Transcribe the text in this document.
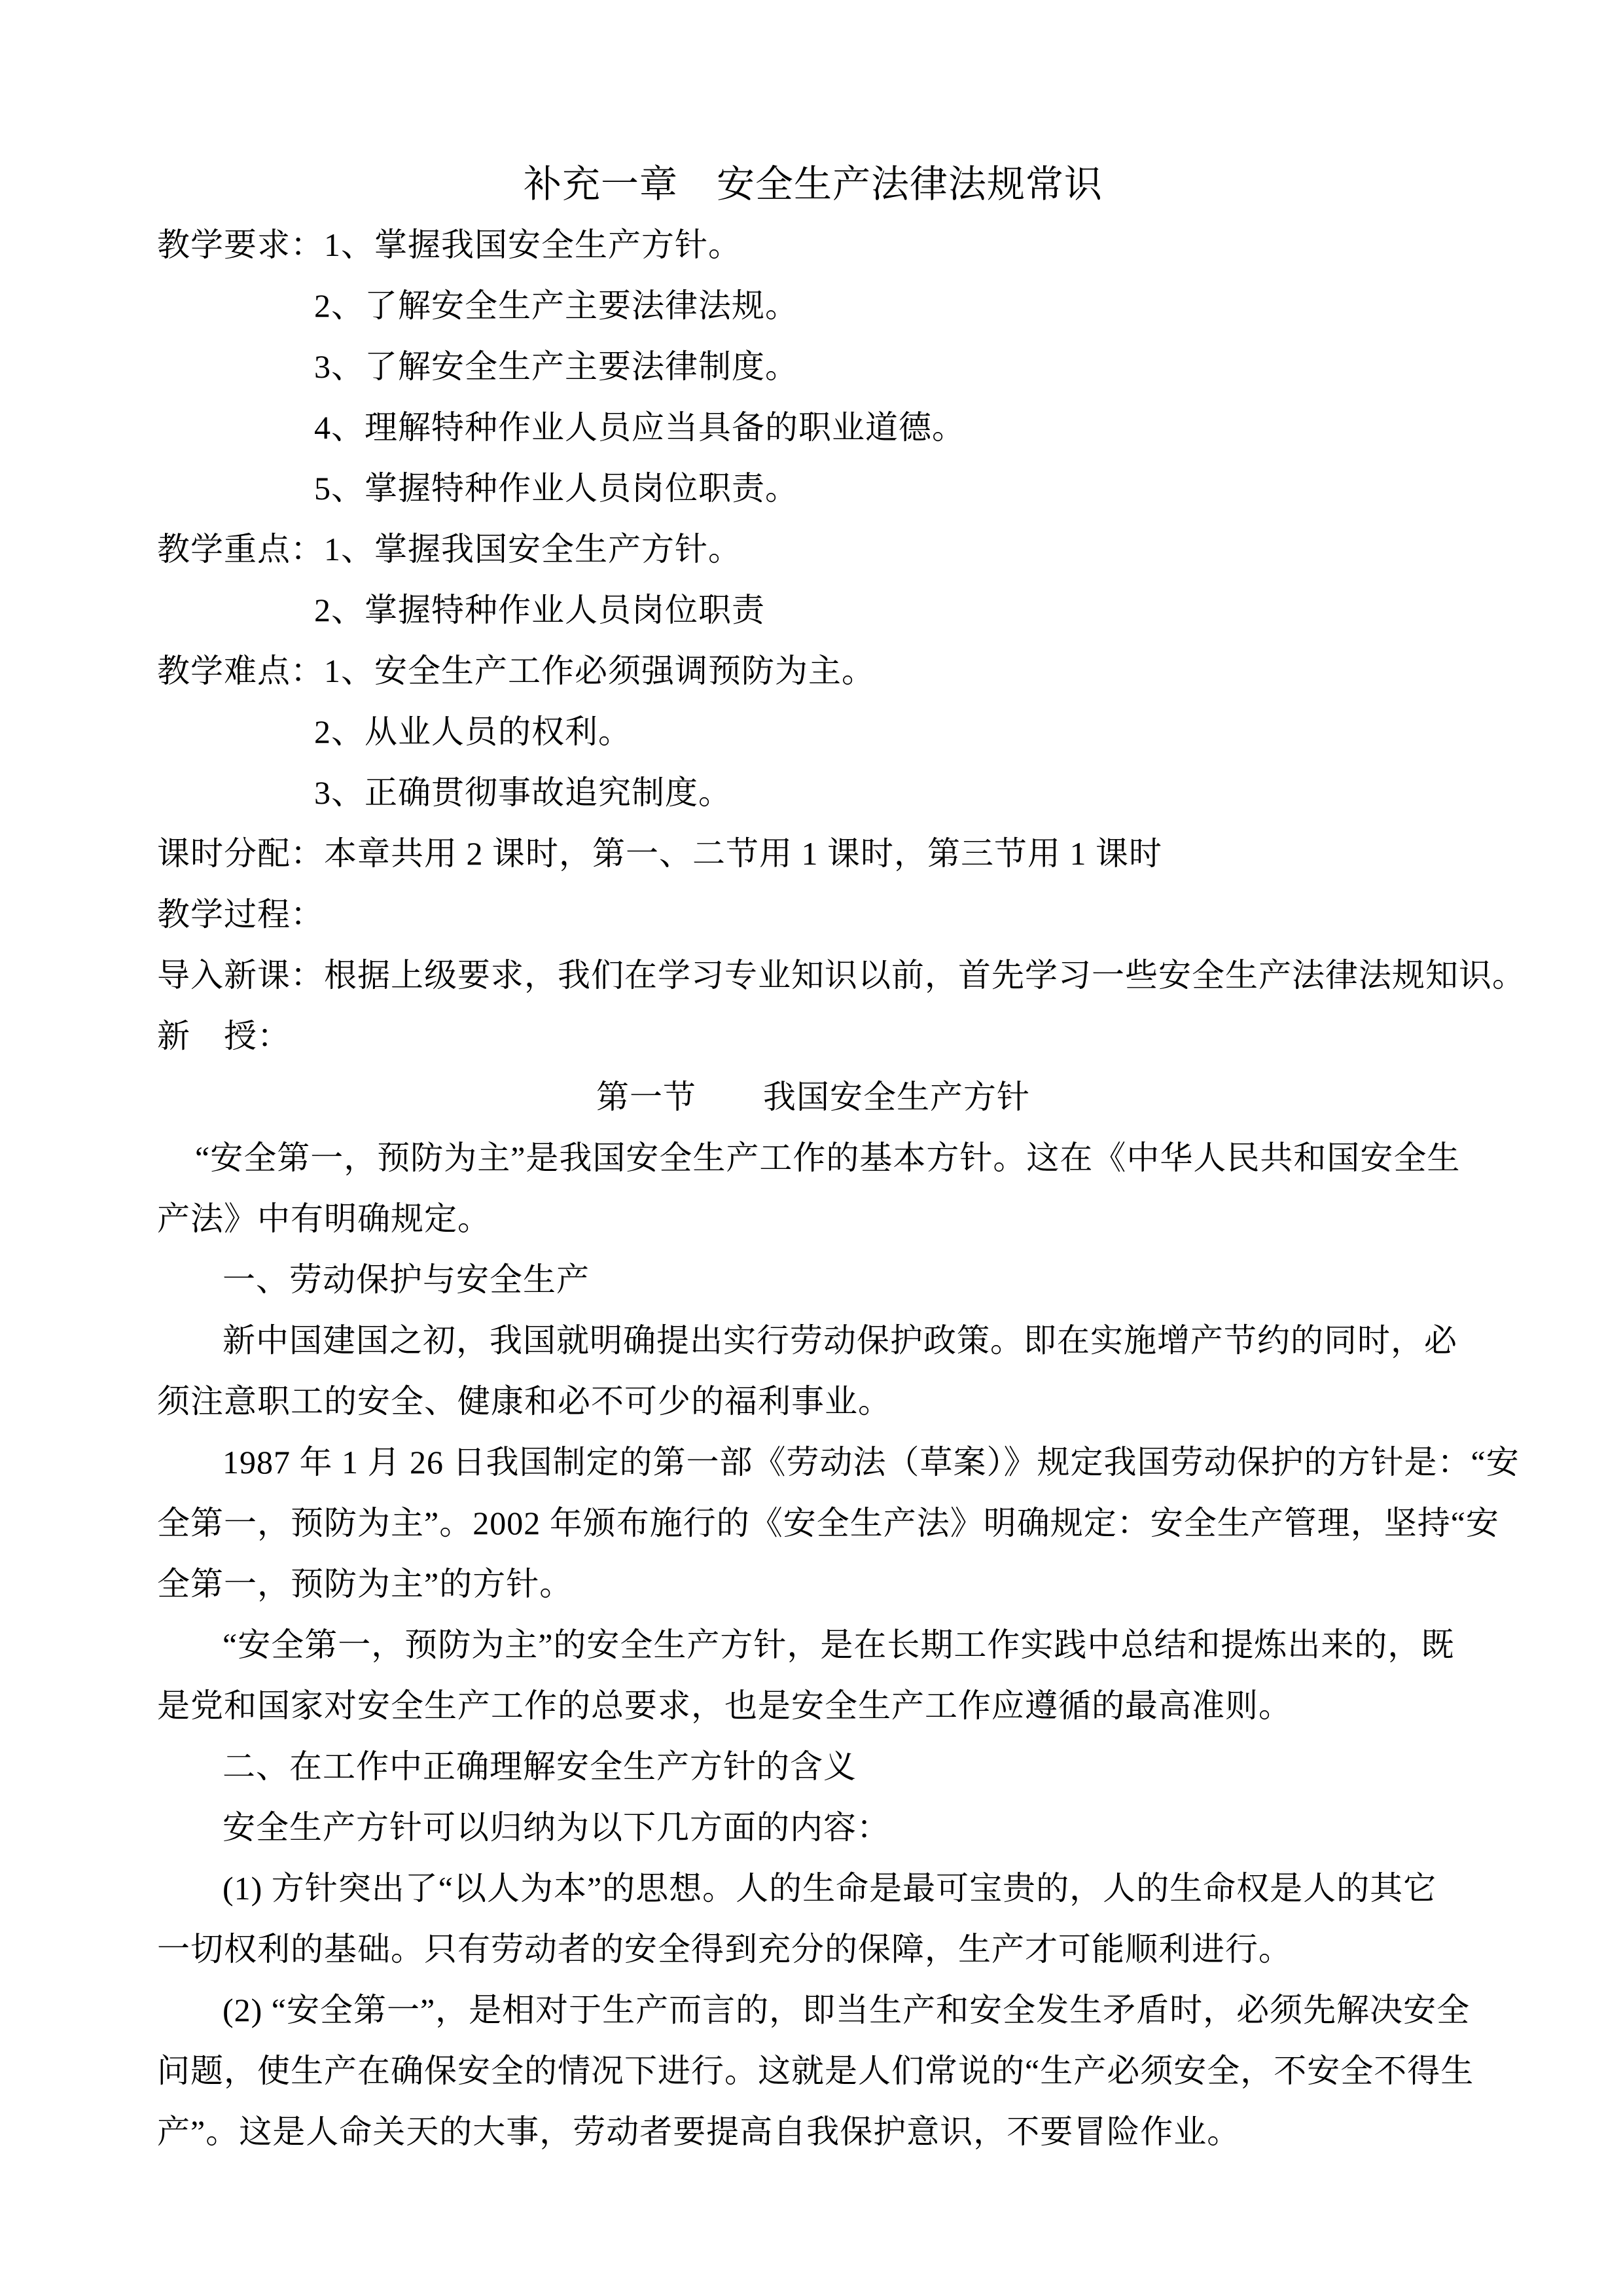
补充一章　安全生产法律法规常识

教学要求：1、掌握我国安全生产方针。

2、了解安全生产主要法律法规。

3、了解安全生产主要法律制度。

4、理解特种作业人员应当具备的职业道德。

5、掌握特种作业人员岗位职责。

教学重点：1、掌握我国安全生产方针。

2、掌握特种作业人员岗位职责

教学难点：1、安全生产工作必须强调预防为主。

2、从业人员的权利。

3、正确贯彻事故追究制度。

课时分配：本章共用 2 课时，第一、二节用 1 课时，第三节用 1 课时

教学过程：

导入新课：根据上级要求，我们在学习专业知识以前，首先学习一些安全生产法律法规知识。

新　授：

第一节　　我国安全生产方针

“安全第一，预防为主”是我国安全生产工作的基本方针。这在《中华人民共和国安全生

产法》中有明确规定。

一、劳动保护与安全生产

新中国建国之初，我国就明确提出实行劳动保护政策。即在实施增产节约的同时，必

须注意职工的安全、健康和必不可少的福利事业。

1987 年 1 月 26 日我国制定的第一部《劳动法（草案）》规定我国劳动保护的方针是：“安

全第一，预防为主”。2002 年颁布施行的《安全生产法》明确规定：安全生产管理，坚持“安

全第一，预防为主”的方针。

“安全第一，预防为主”的安全生产方针，是在长期工作实践中总结和提炼出来的，既

是党和国家对安全生产工作的总要求，也是安全生产工作应遵循的最高准则。

二、在工作中正确理解安全生产方针的含义

安全生产方针可以归纳为以下几方面的内容：

(1) 方针突出了“以人为本”的思想。人的生命是最可宝贵的，人的生命权是人的其它

一切权利的基础。只有劳动者的安全得到充分的保障，生产才可能顺利进行。

(2) “安全第一”，是相对于生产而言的，即当生产和安全发生矛盾时，必须先解决安全

问题，使生产在确保安全的情况下进行。这就是人们常说的“生产必须安全，不安全不得生

产”。这是人命关天的大事，劳动者要提高自我保护意识，不要冒险作业。
